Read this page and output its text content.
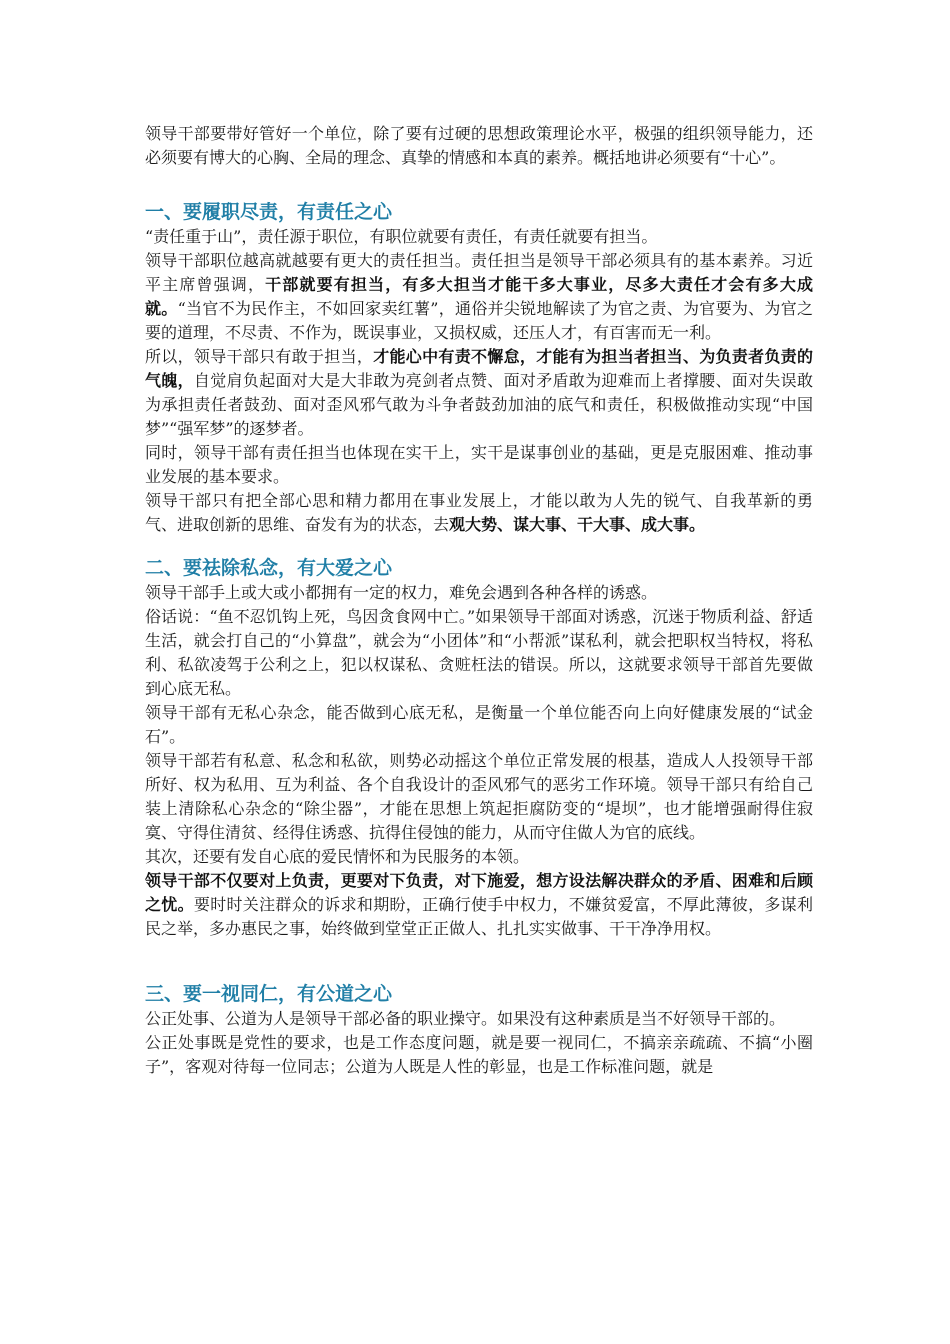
领导干部要带好管好一个单位，除了要有过硬的思想政策理论水平，极强的组织领导能力，还必须要有博大的心胸、全局的理念、真挚的情感和本真的素养。概括地讲必须要有“十心”。

一、要履职尽责，有责任之心

“责任重于山”，责任源于职位，有职位就要有责任，有责任就要有担当。

领导干部职位越高就越要有更大的责任担当。责任担当是领导干部必须具有的基本素养。习近平主席曾强调，干部就要有担当，有多大担当才能干多大事业，尽多大责任才会有多大成就。“当官不为民作主，不如回家卖红薯”，通俗并尖锐地解读了为官之责、为官要为、为官之要的道理，不尽责、不作为，既误事业，又损权威，还压人才，有百害而无一利。

所以，领导干部只有敢于担当，才能心中有责不懈怠，才能有为担当者担当、为负责者负责的气魄，自觉肩负起面对大是大非敢为亮剑者点赞、面对矛盾敢为迎难而上者撑腰、面对失误敢为承担责任者鼓劲、面对歪风邪气敢为斗争者鼓劲加油的底气和责任，积极做推动实现“中国梦”“强军梦”的逐梦者。

同时，领导干部有责任担当也体现在实干上，实干是谋事创业的基础，更是克服困难、推动事业发展的基本要求。

领导干部只有把全部心思和精力都用在事业发展上，才能以敢为人先的锐气、自我革新的勇气、进取创新的思维、奋发有为的状态，去观大势、谋大事、干大事、成大事。

二、要祛除私念，有大爱之心

领导干部手上或大或小都拥有一定的权力，难免会遇到各种各样的诱惑。

俗话说：“鱼不忍饥钩上死，鸟因贪食网中亡。”如果领导干部面对诱惑，沉迷于物质利益、舒适生活，就会打自己的“小算盘”，就会为“小团体”和“小帮派”谋私利，就会把职权当特权，将私利、私欲凌驾于公利之上，犯以权谋私、贪赃枉法的错误。所以，这就要求领导干部首先要做到心底无私。

领导干部有无私心杂念，能否做到心底无私，是衡量一个单位能否向上向好健康发展的“试金石”。

领导干部若有私意、私念和私欲，则势必动摇这个单位正常发展的根基，造成人人投领导干部所好、权为私用、互为利益、各个自我设计的歪风邪气的恶劣工作环境。领导干部只有给自己装上清除私心杂念的“除尘器”，才能在思想上筑起拒腐防变的“堤坝”，也才能增强耐得住寂寞、守得住清贫、经得住诱惑、抗得住侵蚀的能力，从而守住做人为官的底线。

其次，还要有发自心底的爱民情怀和为民服务的本领。

领导干部不仅要对上负责，更要对下负责，对下施爱，想方设法解决群众的矛盾、困难和后顾之忧。要时时关注群众的诉求和期盼，正确行使手中权力，不嫌贫爱富，不厚此薄彼，多谋利民之举，多办惠民之事，始终做到堂堂正正做人、扎扎实实做事、干干净净用权。

三、要一视同仁，有公道之心

公正处事、公道为人是领导干部必备的职业操守。如果没有这种素质是当不好领导干部的。

公正处事既是党性的要求，也是工作态度问题，就是要一视同仁，不搞亲亲疏疏、不搞“小圈子”，客观对待每一位同志；公道为人既是人性的彰显，也是工作标准问题，就是
